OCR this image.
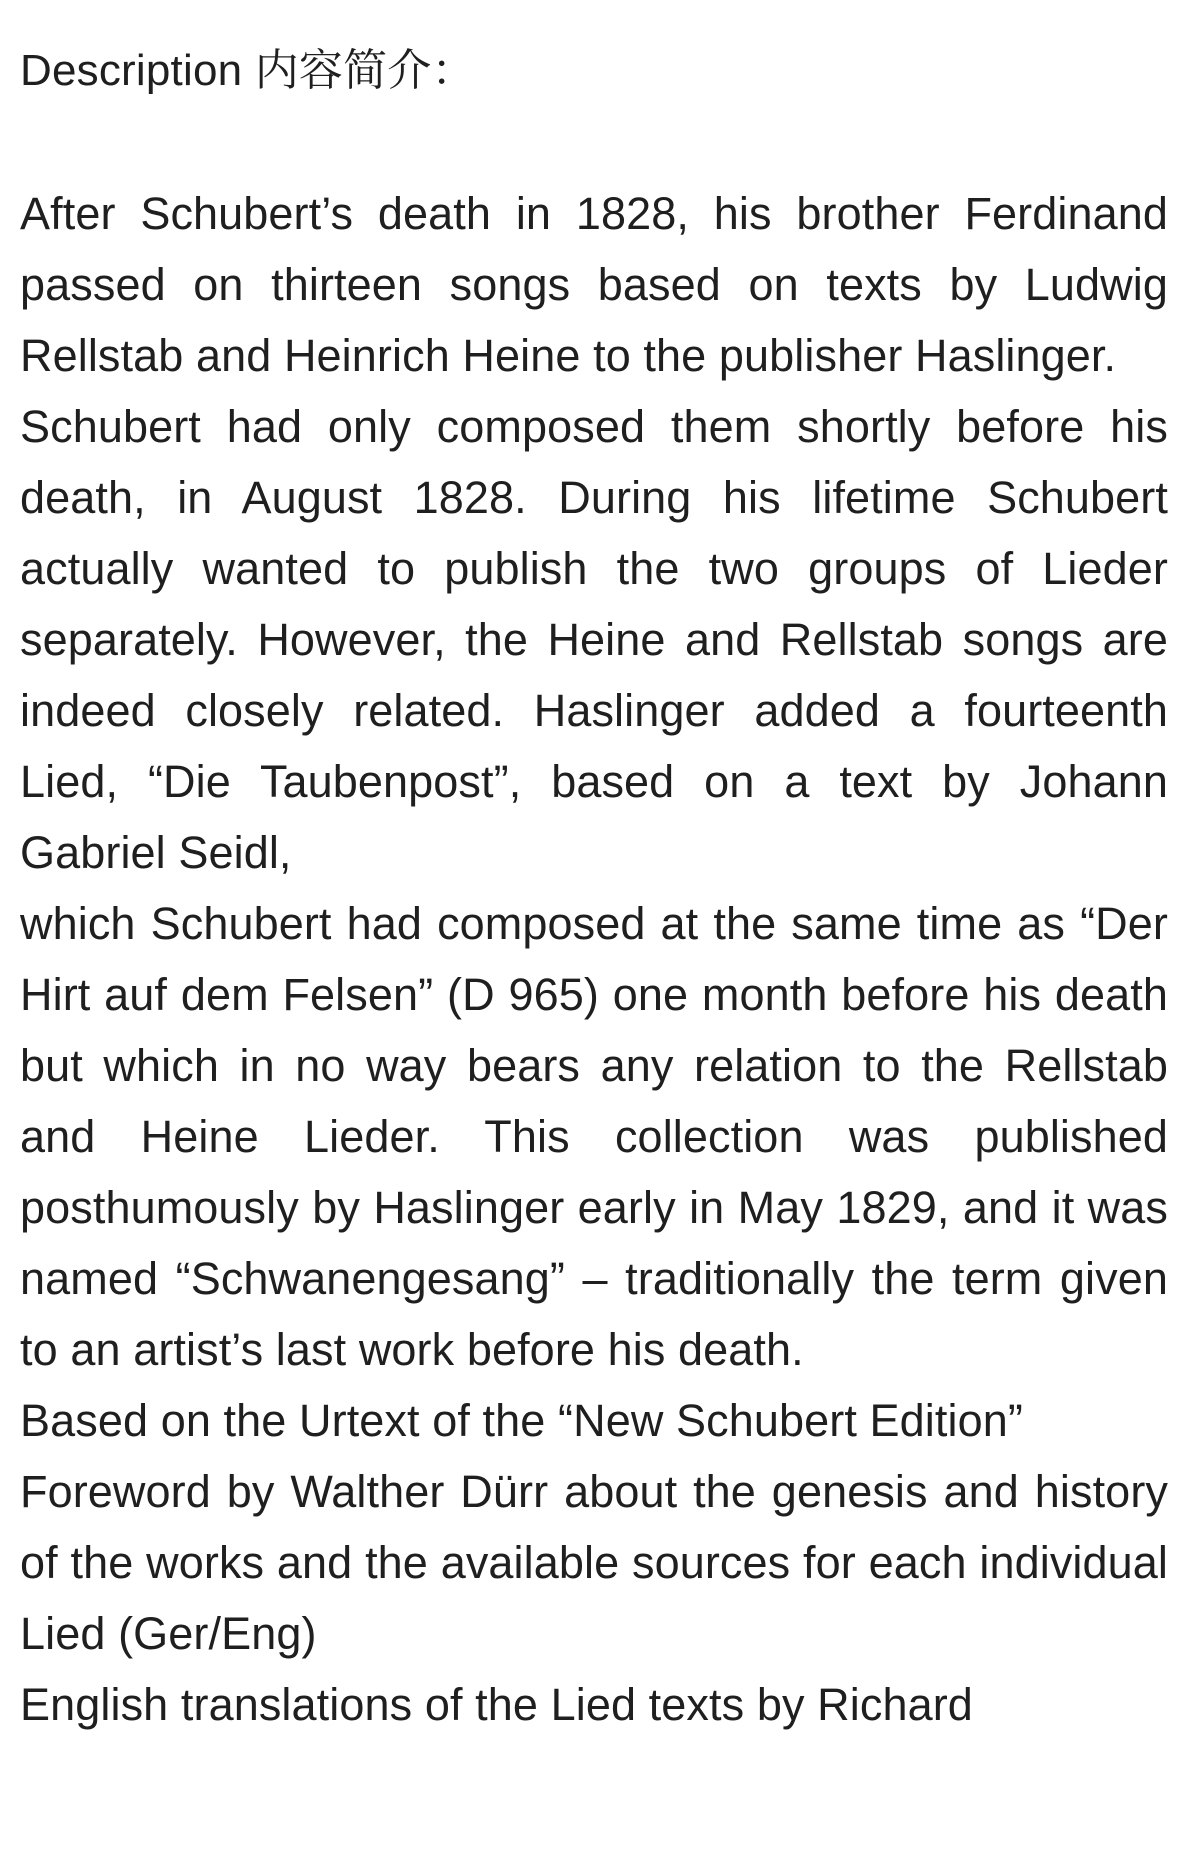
Description 内容简介：

After Schubert’s death in 1828, his brother Ferdinand passed on thirteen songs based on texts by Ludwig Rellstab and Heinrich Heine to the publisher Haslinger.

Schubert had only composed them shortly before his death, in August 1828. During his lifetime Schubert actually wanted to publish the two groups of Lieder separately. However, the Heine and Rellstab songs are indeed closely related. Haslinger added a fourteenth Lied, “Die Taubenpost”, based on a text by Johann Gabriel Seidl,

which Schubert had composed at the same time as “Der Hirt auf dem Felsen” (D 965) one month before his death but which in no way bears any relation to the Rellstab and Heine Lieder. This collection was published posthumously by Haslinger early in May 1829, and it was named “Schwanengesang” – traditionally the term given to an artist’s last work before his death.

Based on the Urtext of the “New Schubert Edition”

Foreword by Walther Dürr about the genesis and history of the works and the available sources for each individual Lied (Ger/Eng)

English translations of the Lied texts by Richard
